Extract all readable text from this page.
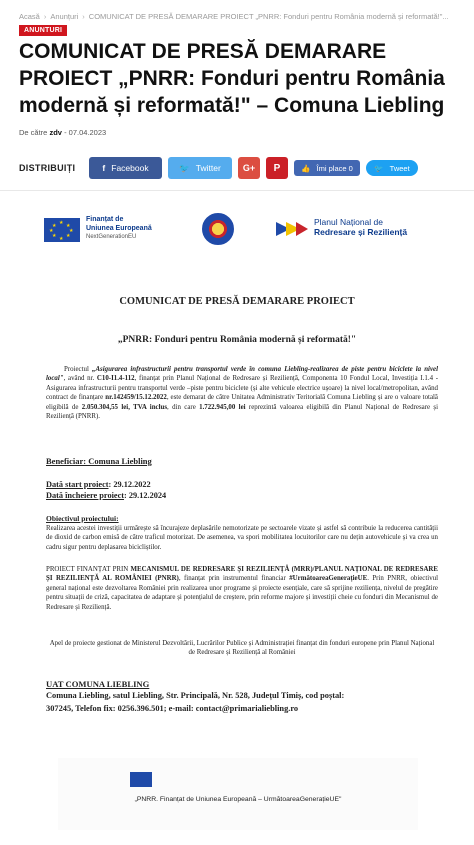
Acasă › Anunțuri › COMUNICAT DE PRESĂ DEMARARE PROIECT „PNRR: Fonduri pentru România modernă și reformată!"...
ANUNTURI
COMUNICAT DE PRESĂ DEMARARE PROIECT „PNRR: Fonduri pentru România modernă și reformată!" – Comuna Liebling
De către zdv - 07.04.2023
DISTRIBUIȚI	f Facebook	🐦 Twitter	G+	P	👍 Îmi place 0	🐦 Tweet
★
★
★
★
★
★
★
★
Finanțat de
Uniunea Europeană
NextGenerationEU
Planul Național de
Redresare și Reziliență
COMUNICAT DE PRESĂ DEMARARE PROIECT
„PNRR: Fonduri pentru România modernă și reformată!"
Proiectul „Asigurarea infrastructurii pentru transportul verde în comuna Liebling-realizarea de piste pentru biciclete la nivel local", având nr. C10-I1.4-112, finanțat prin Planul Național de Redresare și Reziliență, Componenta 10 Fondul Local, Investiția I.1.4 - Asigurarea infrastructurii pentru transportul verde –piste pentru biciclete (și alte vehicule electrice ușoare) la nivel local/metropolitan, având contract de finanțare nr.142459/15.12.2022, este demarat de către Unitatea Administrativ Teritorială Comuna Liebling și are o valoare totală eligibilă de 2.050.304,55 lei, TVA inclus, din care 1.722.945,00 lei reprezintă valoarea eligibilă din Planul Național de Redresare și Reziliență (PNRR).
Beneficiar: Comuna Liebling
Dată start proiect: 29.12.2022
Dată încheiere proiect: 29.12.2024
Obiectivul proiectului:
Realizarea acestei investiții urmărește să încurajeze deplasările nemotorizate pe sectoarele vizate și astfel să contribuie la reducerea cantității de dioxid de carbon emisă de către traficul motorizat. De asemenea, va spori mobilitatea locuitorilor care nu dețin autovehicule și va crea un cadru sigur pentru deplasarea bicicliștilor.
PROIECT FINANȚAT PRIN MECANISMUL DE REDRESARE ȘI REZILIENȚĂ (MRR)/PLANUL NAȚIONAL DE REDRESARE ȘI REZILIENȚĂ AL ROMÂNIEI (PNRR), finanțat prin instrumentul financiar #UrmătoareaGenerațieUE. Prin PNRR, obiectivul general național este dezvoltarea României prin realizarea unor programe și proiecte esențiale, care să sprijine reziliența, nivelul de pregătire pentru situații de criză, capacitatea de adaptare și potențialul de creștere, prin reforme majore și investiții cheie cu fonduri din Mecanismul de Redresare și Reziliență.
Apel de proiecte gestionat de Ministerul Dezvoltării, Lucrărilor Publice și Administrației finanțat din fonduri europene prin Planul Național de Redresare și Reziliență al României
UAT COMUNA LIEBLING
Comuna Liebling, satul Liebling, Str. Principală, Nr. 528, Județul Timiș, cod poștal:
307245, Telefon fix: 0256.396.501; e-mail: contact@primarialiebling.ro
„PNRR. Finanțat de Uniunea Europeană – UrmătoareaGenerațieUE"
